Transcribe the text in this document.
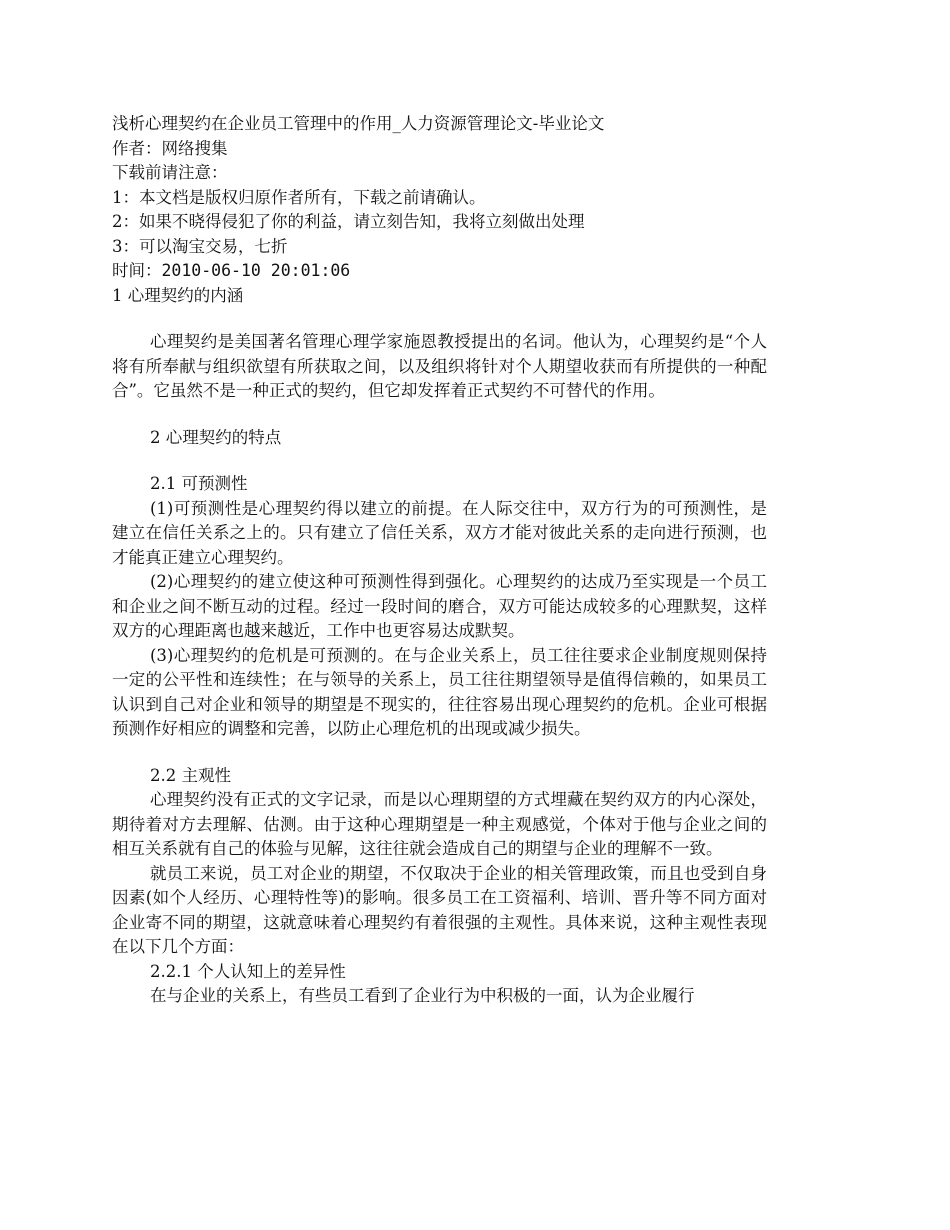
浅析心理契约在企业员工管理中的作用_人力资源管理论文-毕业论文
作者：网络搜集
下载前请注意：
1：本文档是版权归原作者所有，下载之前请确认。
2：如果不晓得侵犯了你的利益，请立刻告知，我将立刻做出处理
3：可以淘宝交易，七折
时间：2010-06-10 20:01:06
1 心理契约的内涵
心理契约是美国著名管理心理学家施恩教授提出的名词。他认为，心理契约是“个人将有所奉献与组织欲望有所获取之间，以及组织将针对个人期望收获而有所提供的一种配合”。它虽然不是一种正式的契约，但它却发挥着正式契约不可替代的作用。
2 心理契约的特点
2.1 可预测性
(1)可预测性是心理契约得以建立的前提。在人际交往中，双方行为的可预测性，是建立在信任关系之上的。只有建立了信任关系，双方才能对彼此关系的走向进行预测，也才能真正建立心理契约。
(2)心理契约的建立使这种可预测性得到强化。心理契约的达成乃至实现是一个员工和企业之间不断互动的过程。经过一段时间的磨合，双方可能达成较多的心理默契，这样双方的心理距离也越来越近，工作中也更容易达成默契。
(3)心理契约的危机是可预测的。在与企业关系上，员工往往要求企业制度规则保持一定的公平性和连续性；在与领导的关系上，员工往往期望领导是值得信赖的，如果员工认识到自己对企业和领导的期望是不现实的，往往容易出现心理契约的危机。企业可根据预测作好相应的调整和完善，以防止心理危机的出现或减少损失。
2.2 主观性
心理契约没有正式的文字记录，而是以心理期望的方式埋藏在契约双方的内心深处，期待着对方去理解、估测。由于这种心理期望是一种主观感觉，个体对于他与企业之间的相互关系就有自己的体验与见解，这往往就会造成自己的期望与企业的理解不一致。
就员工来说，员工对企业的期望，不仅取决于企业的相关管理政策，而且也受到自身因素(如个人经历、心理特性等)的影响。很多员工在工资福利、培训、晋升等不同方面对企业寄不同的期望，这就意味着心理契约有着很强的主观性。具体来说，这种主观性表现在以下几个方面：
2.2.1 个人认知上的差异性
在与企业的关系上，有些员工看到了企业行为中积极的一面，认为企业履行
